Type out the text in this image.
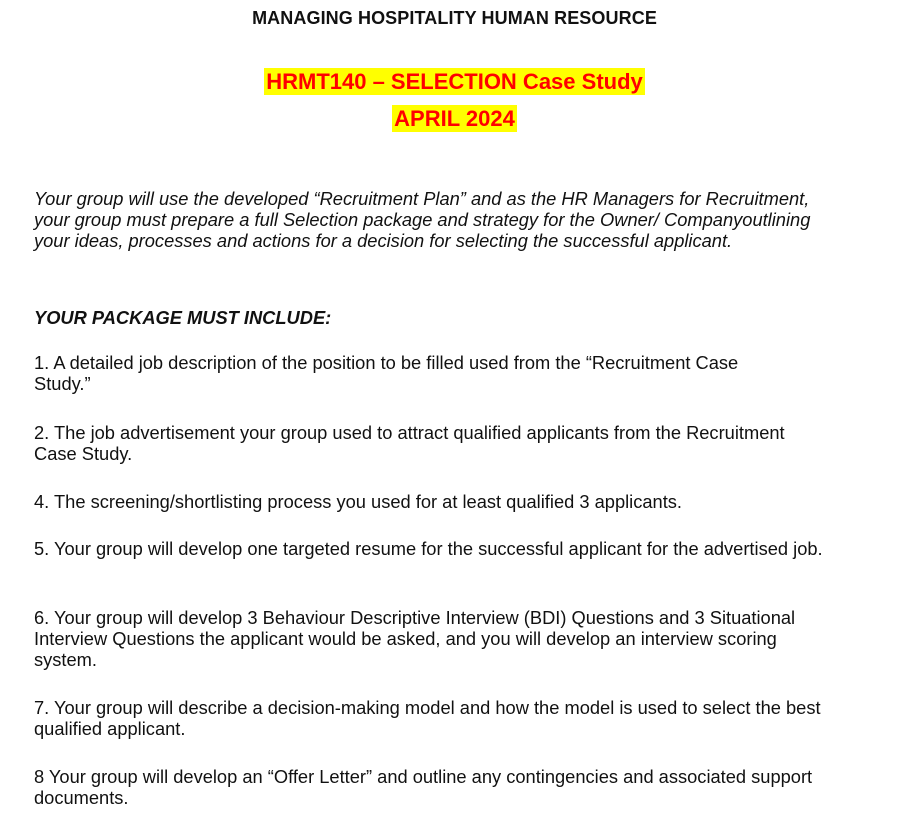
MANAGING HOSPITALITY HUMAN RESOURCE
HRMT140 – SELECTION Case Study
APRIL 2024
Your group will use the developed “Recruitment Plan” and as the HR Managers for Recruitment, your group must prepare a full Selection package and strategy for the Owner/ Companyoutlining your ideas, processes and actions for a decision for selecting the successful applicant.
YOUR PACKAGE MUST INCLUDE:
1. A detailed job description of the position to be filled used from the “Recruitment Case Study.”
2. The job advertisement your group used to attract qualified applicants from the Recruitment Case Study.
4. The screening/shortlisting process you used for at least qualified 3 applicants.
5. Your group will develop one targeted resume for the successful applicant for the advertised job.
6. Your group will develop 3 Behaviour Descriptive Interview (BDI) Questions and 3 Situational Interview Questions the applicant would be asked, and you will develop an interview scoring system.
7. Your group will describe a decision-making model and how the model is used to select the best qualified applicant.
8 Your group will develop an “Offer Letter” and outline any contingencies and associated support documents.
